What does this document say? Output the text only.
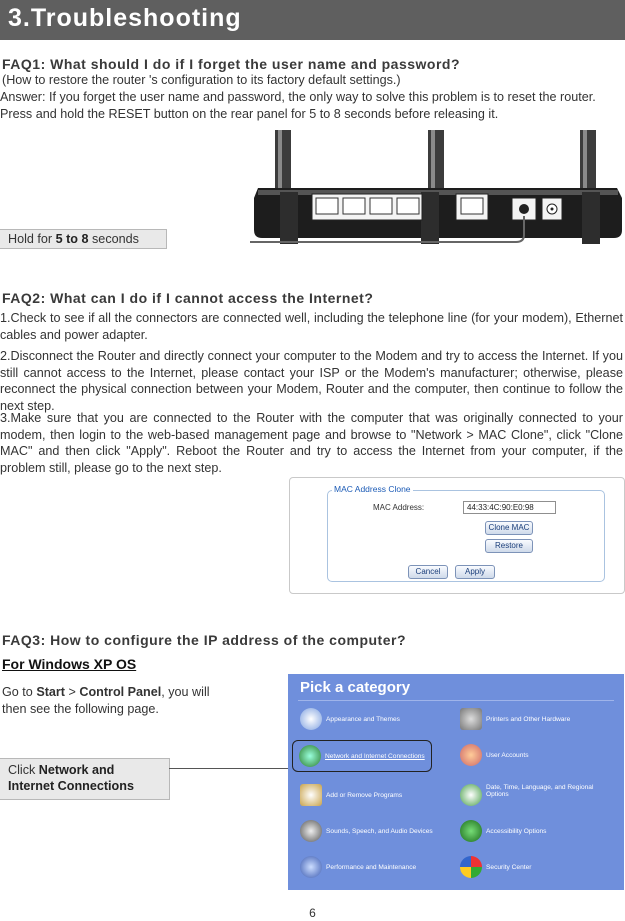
3.Troubleshooting
FAQ1: What should I do if I forget the user name and password?
(How to restore the router 's configuration to its factory default settings.)
Answer: If you forget the user name and password, the only way to solve this problem is to reset the router. Press and hold the RESET button on the rear panel for 5 to 8 seconds before releasing it.
Hold for 5 to 8 seconds
FAQ2: What can I do if I cannot access the Internet?
1.Check to see if all the connectors are connected well, including the telephone line (for your modem), Ethernet cables and power adapter.
2.Disconnect the Router and directly connect your computer to the Modem and try to access the Internet. If you still cannot access to the Internet, please contact your ISP or the Modem's manufacturer; otherwise, please reconnect the physical connection between your Modem, Router and the computer, then continue to follow the next step.
3.Make sure that you are connected to the Router with the computer that was originally connected to your modem, then login to the web-based management page and browse to "Network > MAC Clone", click "Clone MAC" and then click "Apply". Reboot the Router and try to access the Internet from your computer, if the problem still, please go to the next step.
MAC Address Clone
MAC Address:	44:33:4C:90:E0:98
Clone MAC
Restore
Cancel	Apply
FAQ3: How to configure the IP address of the computer?
For Windows XP OS
Go to Start > Control Panel, you will then see the following page.
Click Network and
Internet Connections
Pick a category
Appearance and Themes	Printers and Other Hardware
Network and Internet Connections	User Accounts
Add or Remove Programs
Date, Time, Language, and Regional Options
Sounds, Speech, and Audio Devices	Accessibility Options
Performance and Maintenance	Security Center
6
